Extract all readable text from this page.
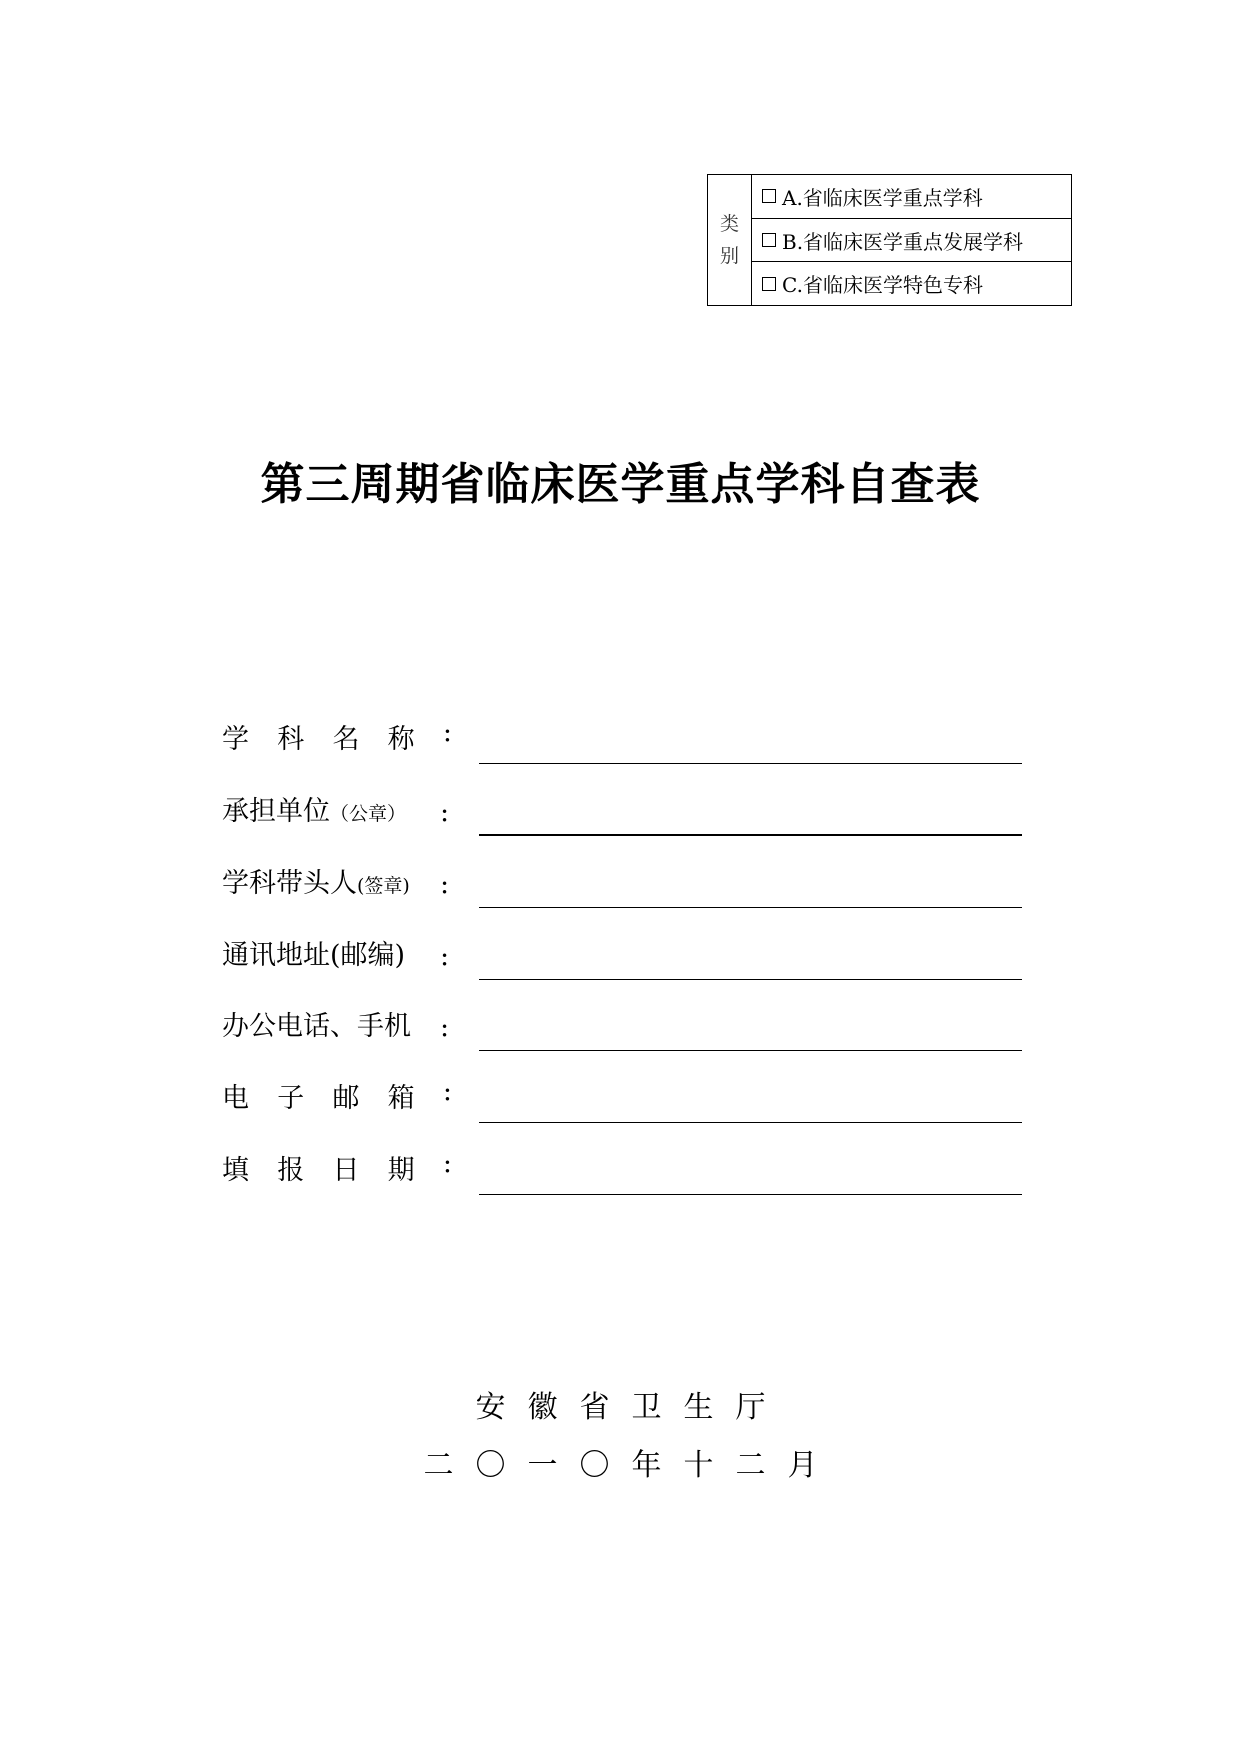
类
别
A.省临床医学重点学科
B.省临床医学重点发展学科
C.省临床医学特色专科
第三周期省临床医学重点学科自查表
学 科 名 称 :
承担单位（公章） :
学科带头人(签章) :
通讯地址(邮编) :
办公电话、手机 :
电 子 邮 箱 :
填 报 日 期 :
安徽省卫生厅
二〇一〇年十二月
